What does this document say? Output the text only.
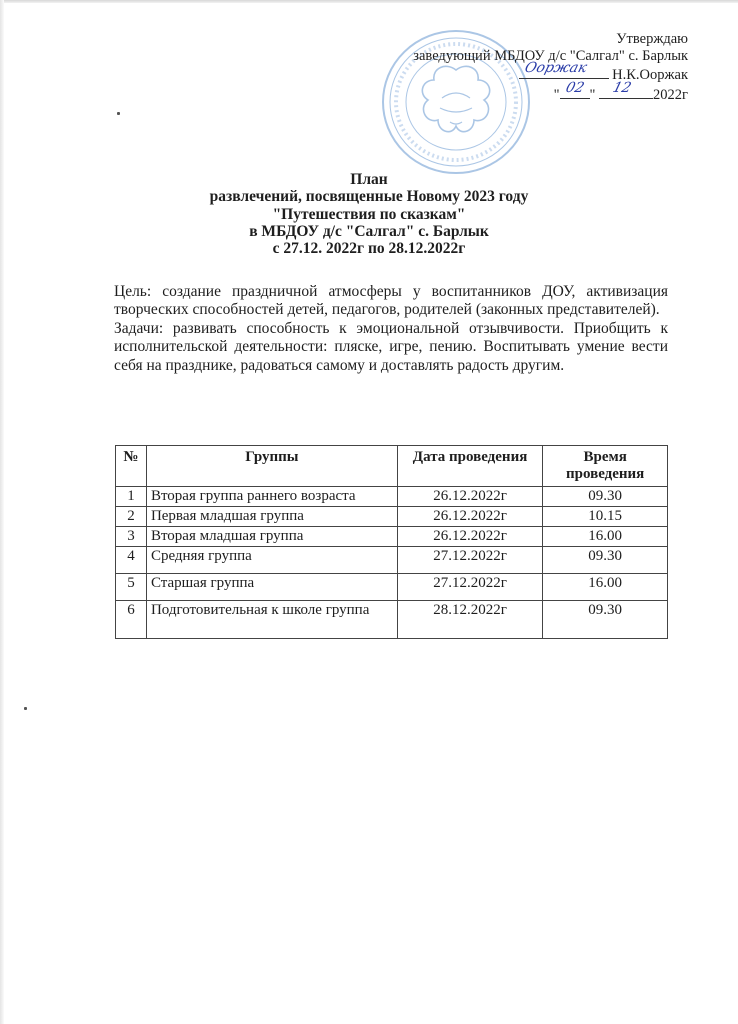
Утверждаю
заведующий МБДОУ д/с "Салгал" с. Барлык
Ооржак Н.К.Ооржак
" 02 " 12 2022г
План
развлечений, посвященные Новому 2023 году
"Путешествия по сказкам"
в МБДОУ д/с "Салгал" с. Барлык
с 27.12. 2022г по 28.12.2022г

Цель: создание праздничной атмосферы у воспитанников ДОУ, активизация творческих способностей детей, педагогов, родителей (законных представителей).

Задачи: развивать способность к эмоциональной отзывчивости. Приобщить к исполнительской деятельности: пляске, игре, пению. Воспитывать умение вести себя на празднике, радоваться самому и доставлять радость другим.

№	Группы	Дата проведения	Время проведения
1	Вторая группа раннего возраста	26.12.2022г	09.30
2	Первая младшая группа	26.12.2022г	10.15
3	Вторая младшая группа	26.12.2022г	16.00
4	Средняя группа	27.12.2022г	09.30
5	Старшая группа	27.12.2022г	16.00
6	Подготовительная к школе группа	28.12.2022г	09.30
